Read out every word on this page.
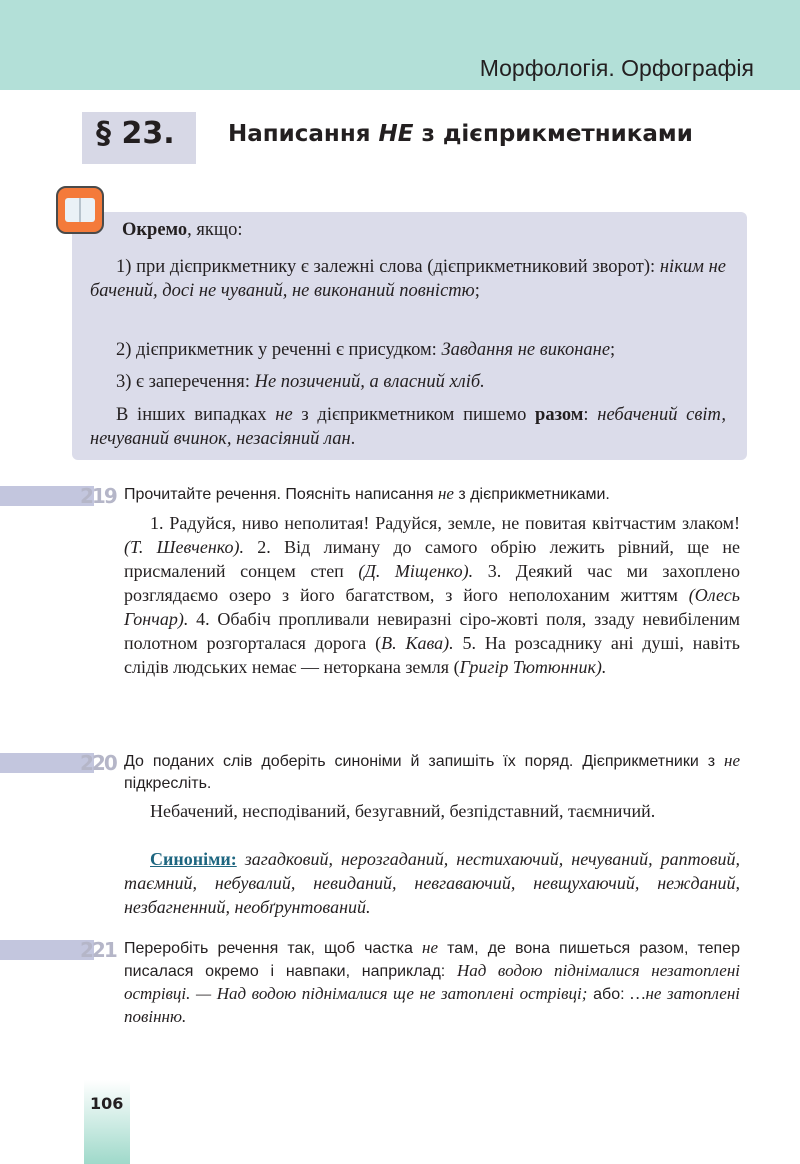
Морфологія. Орфографія
§ 23. Написання НЕ з дієприкметниками
Окремо, якщо:
1) при дієприкметнику є залежні слова (дієприкметниковий зворот): ніким не бачений, досі не чуваний, не виконаний повністю;
2) дієприкметник у реченні є присудком: Завдання не виконане;
3) є заперечення: Не позичений, а власний хліб.
В інших випадках не з дієприкметником пишемо разом: небачений світ, нечуваний вчинок, незасіяний лан.
219 Прочитайте речення. Поясніть написання не з дієприкметниками.
1. Радуйся, ниво неполитая! Радуйся, земле, не повитая квітчастим злаком! (Т. Шевченко). 2. Від лиману до самого обрію лежить рівний, ще не присмалений сонцем степ (Д. Міщенко). 3. Деякий час ми захоплено розглядаємо озеро з його багатством, з його неполоханим життям (Олесь Гончар). 4. Обабіч пропливали невиразні сіро-жовті поля, ззаду невибіленим полотном розгорталася дорога (В. Кава). 5. На розсаднику ані душі, навіть слідів людських немає — неторкана земля (Григір Тютюнник).
220 До поданих слів доберіть синоніми й запишіть їх поряд. Дієприкметники з не підкресліть.
Небачений, несподіваний, безугавний, безпідставний, таємничий.
Синоніми: загадковий, нерозгаданий, нестихаючий, нечуваний, раптовий, таємний, небувалий, невиданий, невгаваючий, невщухаючий, нежданий, незбагненний, необґрунтований.
221 Переробіть речення так, щоб частка не там, де вона пишеться разом, тепер писалася окремо і навпаки, наприклад: Над водою піднімалися незатоплені острівці. — Над водою піднімалися ще не затоплені острівці; або: …не затоплені повінню.
106
